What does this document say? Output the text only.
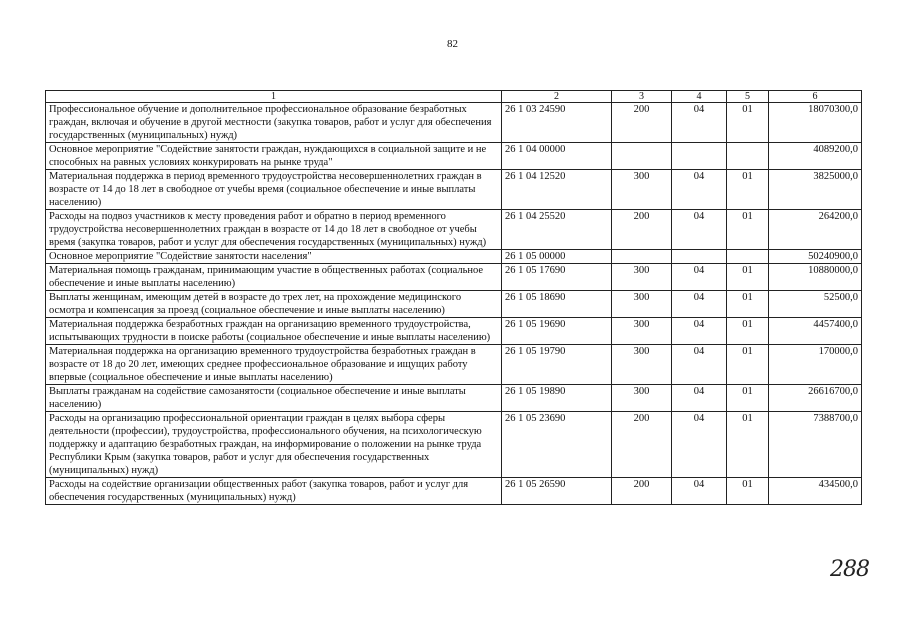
82
1	2	3	4	5	6
Профессиональное обучение и дополнительное профессиональное образование безработных граждан, включая и обучение в другой местности (закупка товаров, работ и услуг для обеспечения государственных (муниципальных) нужд)	26 1 03 24590	200	04	01	18070300,0
Основное мероприятие "Содействие занятости граждан, нуждающихся в социальной защите и не способных на равных условиях конкурировать на рынке труда"	26 1 04 00000				4089200,0
Материальная поддержка в период временного трудоустройства несовершеннолетних граждан в возрасте от 14 до 18 лет в свободное от учебы время (социальное обеспечение и иные выплаты населению)	26 1 04 12520	300	04	01	3825000,0
Расходы на подвоз участников к месту проведения работ и обратно в период временного трудоустройства несовершеннолетних граждан в возрасте от 14 до 18 лет в свободное от учебы время (закупка товаров, работ и услуг для обеспечения государственных (муниципальных) нужд)	26 1 04 25520	200	04	01	264200,0
Основное мероприятие "Содействие занятости населения"	26 1 05 00000				50240900,0
Материальная помощь гражданам, принимающим участие в общественных работах (социальное обеспечение и иные выплаты населению)	26 1 05 17690	300	04	01	10880000,0
Выплаты женщинам, имеющим детей в возрасте до трех лет, на прохождение медицинского осмотра и компенсация за проезд (социальное обеспечение и иные выплаты населению)	26 1 05 18690	300	04	01	52500,0
Материальная поддержка безработных граждан на организацию временного трудоустройства, испытывающих трудности в поиске работы (социальное обеспечение и иные выплаты населению)	26 1 05 19690	300	04	01	4457400,0
Материальная поддержка на организацию временного трудоустройства безработных граждан в возрасте от 18 до 20 лет, имеющих среднее профессиональное образование и ищущих работу впервые (социальное обеспечение и иные выплаты населению)	26 1 05 19790	300	04	01	170000,0
Выплаты гражданам на содействие самозанятости (социальное обеспечение и иные выплаты населению)	26 1 05 19890	300	04	01	26616700,0
Расходы на организацию профессиональной ориентации граждан в целях выбора сферы деятельности (профессии), трудоустройства, профессионального обучения, на психологическую поддержку и адаптацию безработных граждан, на информирование о положении на рынке труда Республики Крым (закупка товаров, работ и услуг для обеспечения государственных (муниципальных) нужд)	26 1 05 23690	200	04	01	7388700,0
Расходы на содействие организации общественных работ (закупка товаров, работ и услуг для обеспечения государственных (муниципальных) нужд)	26 1 05 26590	200	04	01	434500,0
288
